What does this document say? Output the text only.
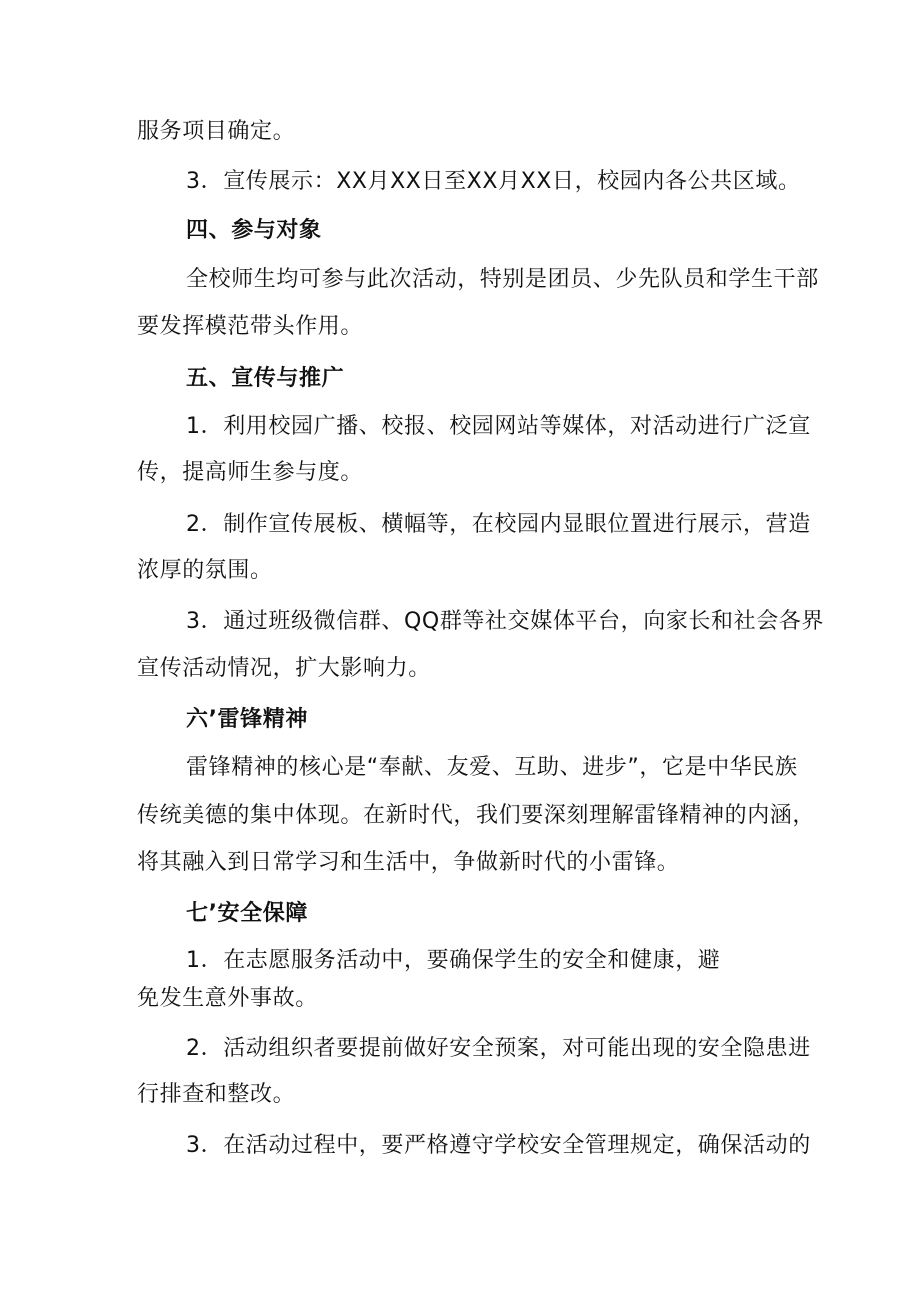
服务项目确定。

3．宣传展示：XX月XX日至XX月XX日，校园内各公共区域。

四、参与对象

全校师生均可参与此次活动，特别是团员、少先队员和学生干部

要发挥模范带头作用。

五、宣传与推广

1．利用校园广播、校报、校园网站等媒体，对活动进行广泛宣

传，提高师生参与度。

2．制作宣传展板、横幅等，在校园内显眼位置进行展示，营造

浓厚的氛围。

3．通过班级微信群、QQ群等社交媒体平台，向家长和社会各界

宣传活动情况，扩大影响力。

六’雷锋精神

雷锋精神的核心是“奉献、友爱、互助、进步”，它是中华民族

传统美德的集中体现。在新时代，我们要深刻理解雷锋精神的内涵，

将其融入到日常学习和生活中，争做新时代的小雷锋。

七’安全保障

1．在志愿服务活动中，要确保学生的安全和健康，避

免发生意外事故。

2．活动组织者要提前做好安全预案，对可能出现的安全隐患进

行排查和整改。

3．在活动过程中，要严格遵守学校安全管理规定，确保活动的
